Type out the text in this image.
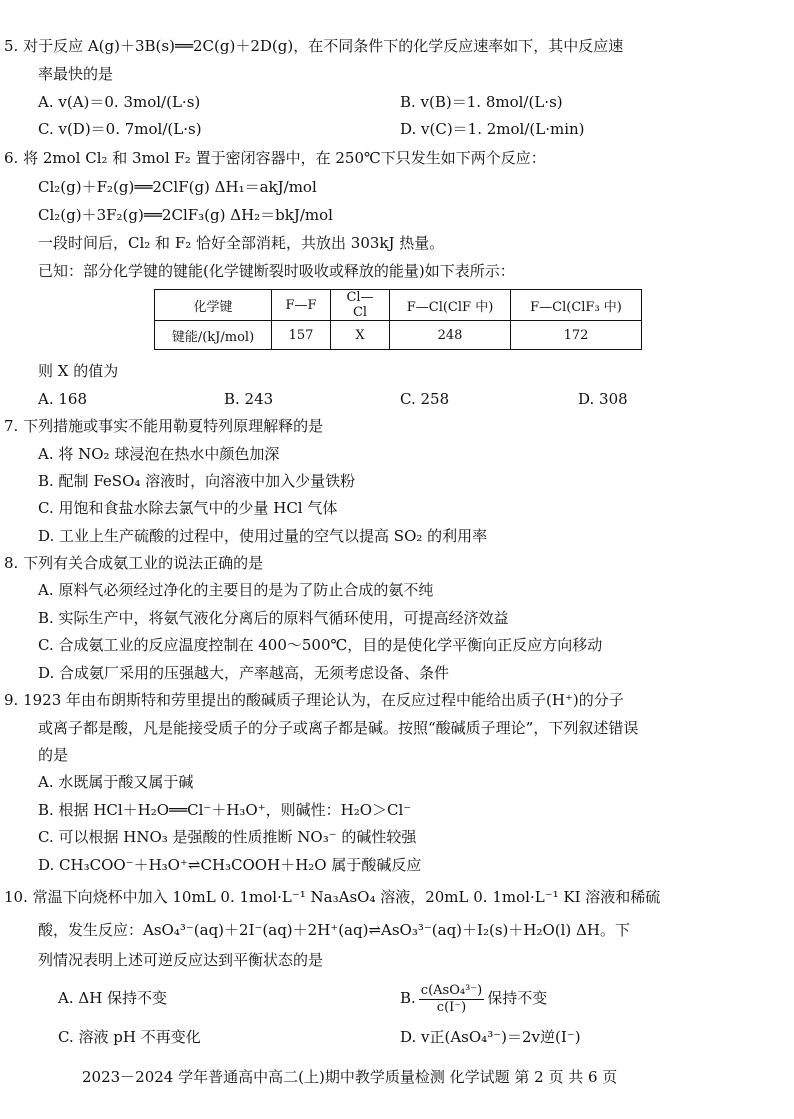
5. 对于反应 A(g)＋3B(s)══2C(g)＋2D(g)，在不同条件下的化学反应速率如下，其中反应速
率最快的是
A. v(A)＝0. 3mol/(L·s)	B. v(B)＝1. 8mol/(L·s)
C. v(D)＝0. 7mol/(L·s)	D. v(C)＝1. 2mol/(L·min)
6. 将 2mol Cl₂ 和 3mol F₂ 置于密闭容器中，在 250℃下只发生如下两个反应：
Cl₂(g)＋F₂(g)══2ClF(g) ΔH₁＝akJ/mol
Cl₂(g)＋3F₂(g)══2ClF₃(g) ΔH₂＝bkJ/mol
一段时间后，Cl₂ 和 F₂ 恰好全部消耗，共放出 303kJ 热量。
已知：部分化学键的键能(化学键断裂时吸收或释放的能量)如下表所示：
化学键	F—F	Cl—Cl	F—Cl(ClF 中)	F—Cl(ClF₃ 中)
键能/(kJ/mol)	157	X	248	172
则 X 的值为
A. 168	B. 243	C. 258	D. 308
7. 下列措施或事实不能用勒夏特列原理解释的是
A. 将 NO₂ 球浸泡在热水中颜色加深
B. 配制 FeSO₄ 溶液时，向溶液中加入少量铁粉
C. 用饱和食盐水除去氯气中的少量 HCl 气体
D. 工业上生产硫酸的过程中，使用过量的空气以提高 SO₂ 的利用率
8. 下列有关合成氨工业的说法正确的是
A. 原料气必须经过净化的主要目的是为了防止合成的氨不纯
B. 实际生产中，将氨气液化分离后的原料气循环使用，可提高经济效益
C. 合成氨工业的反应温度控制在 400～500℃，目的是使化学平衡向正反应方向移动
D. 合成氨厂采用的压强越大，产率越高，无须考虑设备、条件
9. 1923 年由布朗斯特和劳里提出的酸碱质子理论认为，在反应过程中能给出质子(H⁺)的分子
或离子都是酸，凡是能接受质子的分子或离子都是碱。按照“酸碱质子理论”，下列叙述错误
的是
A. 水既属于酸又属于碱
B. 根据 HCl＋H₂O══Cl⁻＋H₃O⁺，则碱性：H₂O＞Cl⁻
C. 可以根据 HNO₃ 是强酸的性质推断 NO₃⁻ 的碱性较强
D. CH₃COO⁻＋H₃O⁺⇌CH₃COOH＋H₂O 属于酸碱反应
10. 常温下向烧杯中加入 10mL 0. 1mol·L⁻¹ Na₃AsO₄ 溶液，20mL 0. 1mol·L⁻¹ KI 溶液和稀硫
酸，发生反应：AsO₄³⁻(aq)＋2I⁻(aq)＋2H⁺(aq)⇌AsO₃³⁻(aq)＋I₂(s)＋H₂O(l) ΔH。下
列情况表明上述可逆反应达到平衡状态的是
A. ΔH 保持不变	B. $\frac{\text{c(AsO₄³⁻)}}{c(I^-)}$ 保持不变
C. 溶液 pH 不再变化	D. v正(AsO₄³⁻)＝2v逆(I⁻)
2023－2024 学年普通高中高二(上)期中教学质量检测 化学试题 第 2 页 共 6 页
